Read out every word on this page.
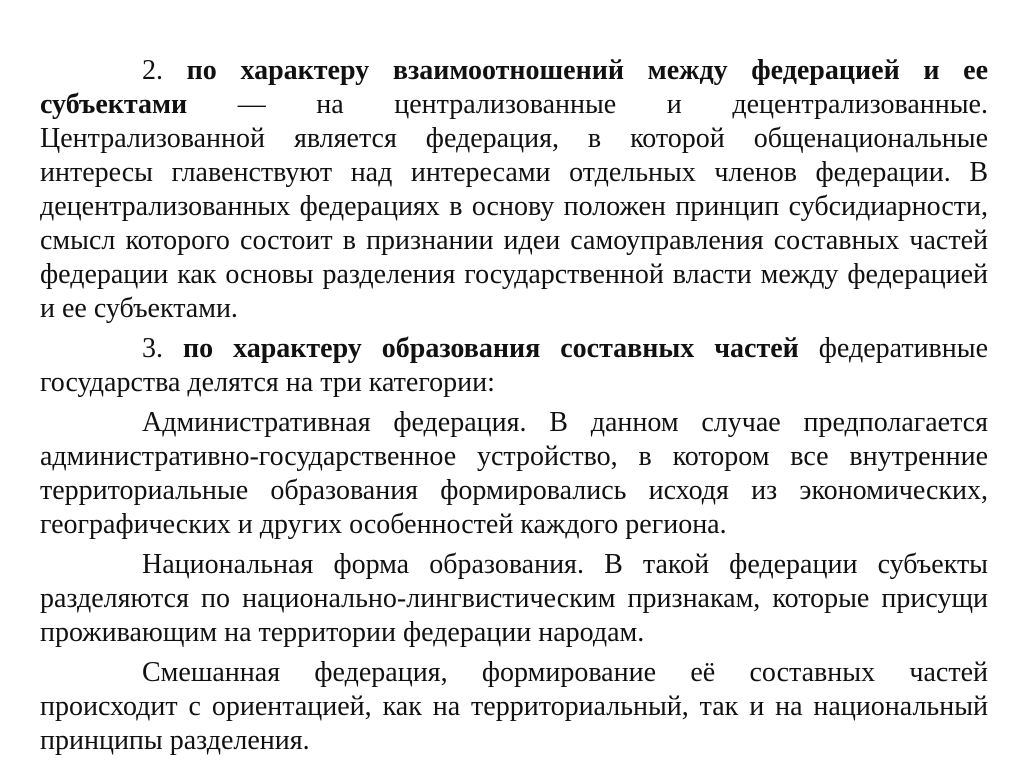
2. по характеру взаимоотношений между федерацией и ее субъектами — на централизованные и децентрализованные. Централизованной является федерация, в которой общенациональные интересы главенствуют над интересами отдельных членов федерации. В децентрализованных федерациях в основу положен принцип субсидиарности, смысл которого состоит в признании идеи самоуправления составных частей федерации как основы разделения государственной власти между федерацией и ее субъектами.

3. по характеру образования составных частей федеративные государства делятся на три категории:

Административная федерация. В данном случае предполагается административно-государственное устройство, в котором все внутренние территориальные образования формировались исходя из экономических, географических и других особенностей каждого региона.

Национальная форма образования. В такой федерации субъекты разделяются по национально-лингвистическим признакам, которые присущи проживающим на территории федерации народам.

Смешанная федерация, формирование её составных частей происходит с ориентацией, как на территориальный, так и на национальный принципы разделения.
